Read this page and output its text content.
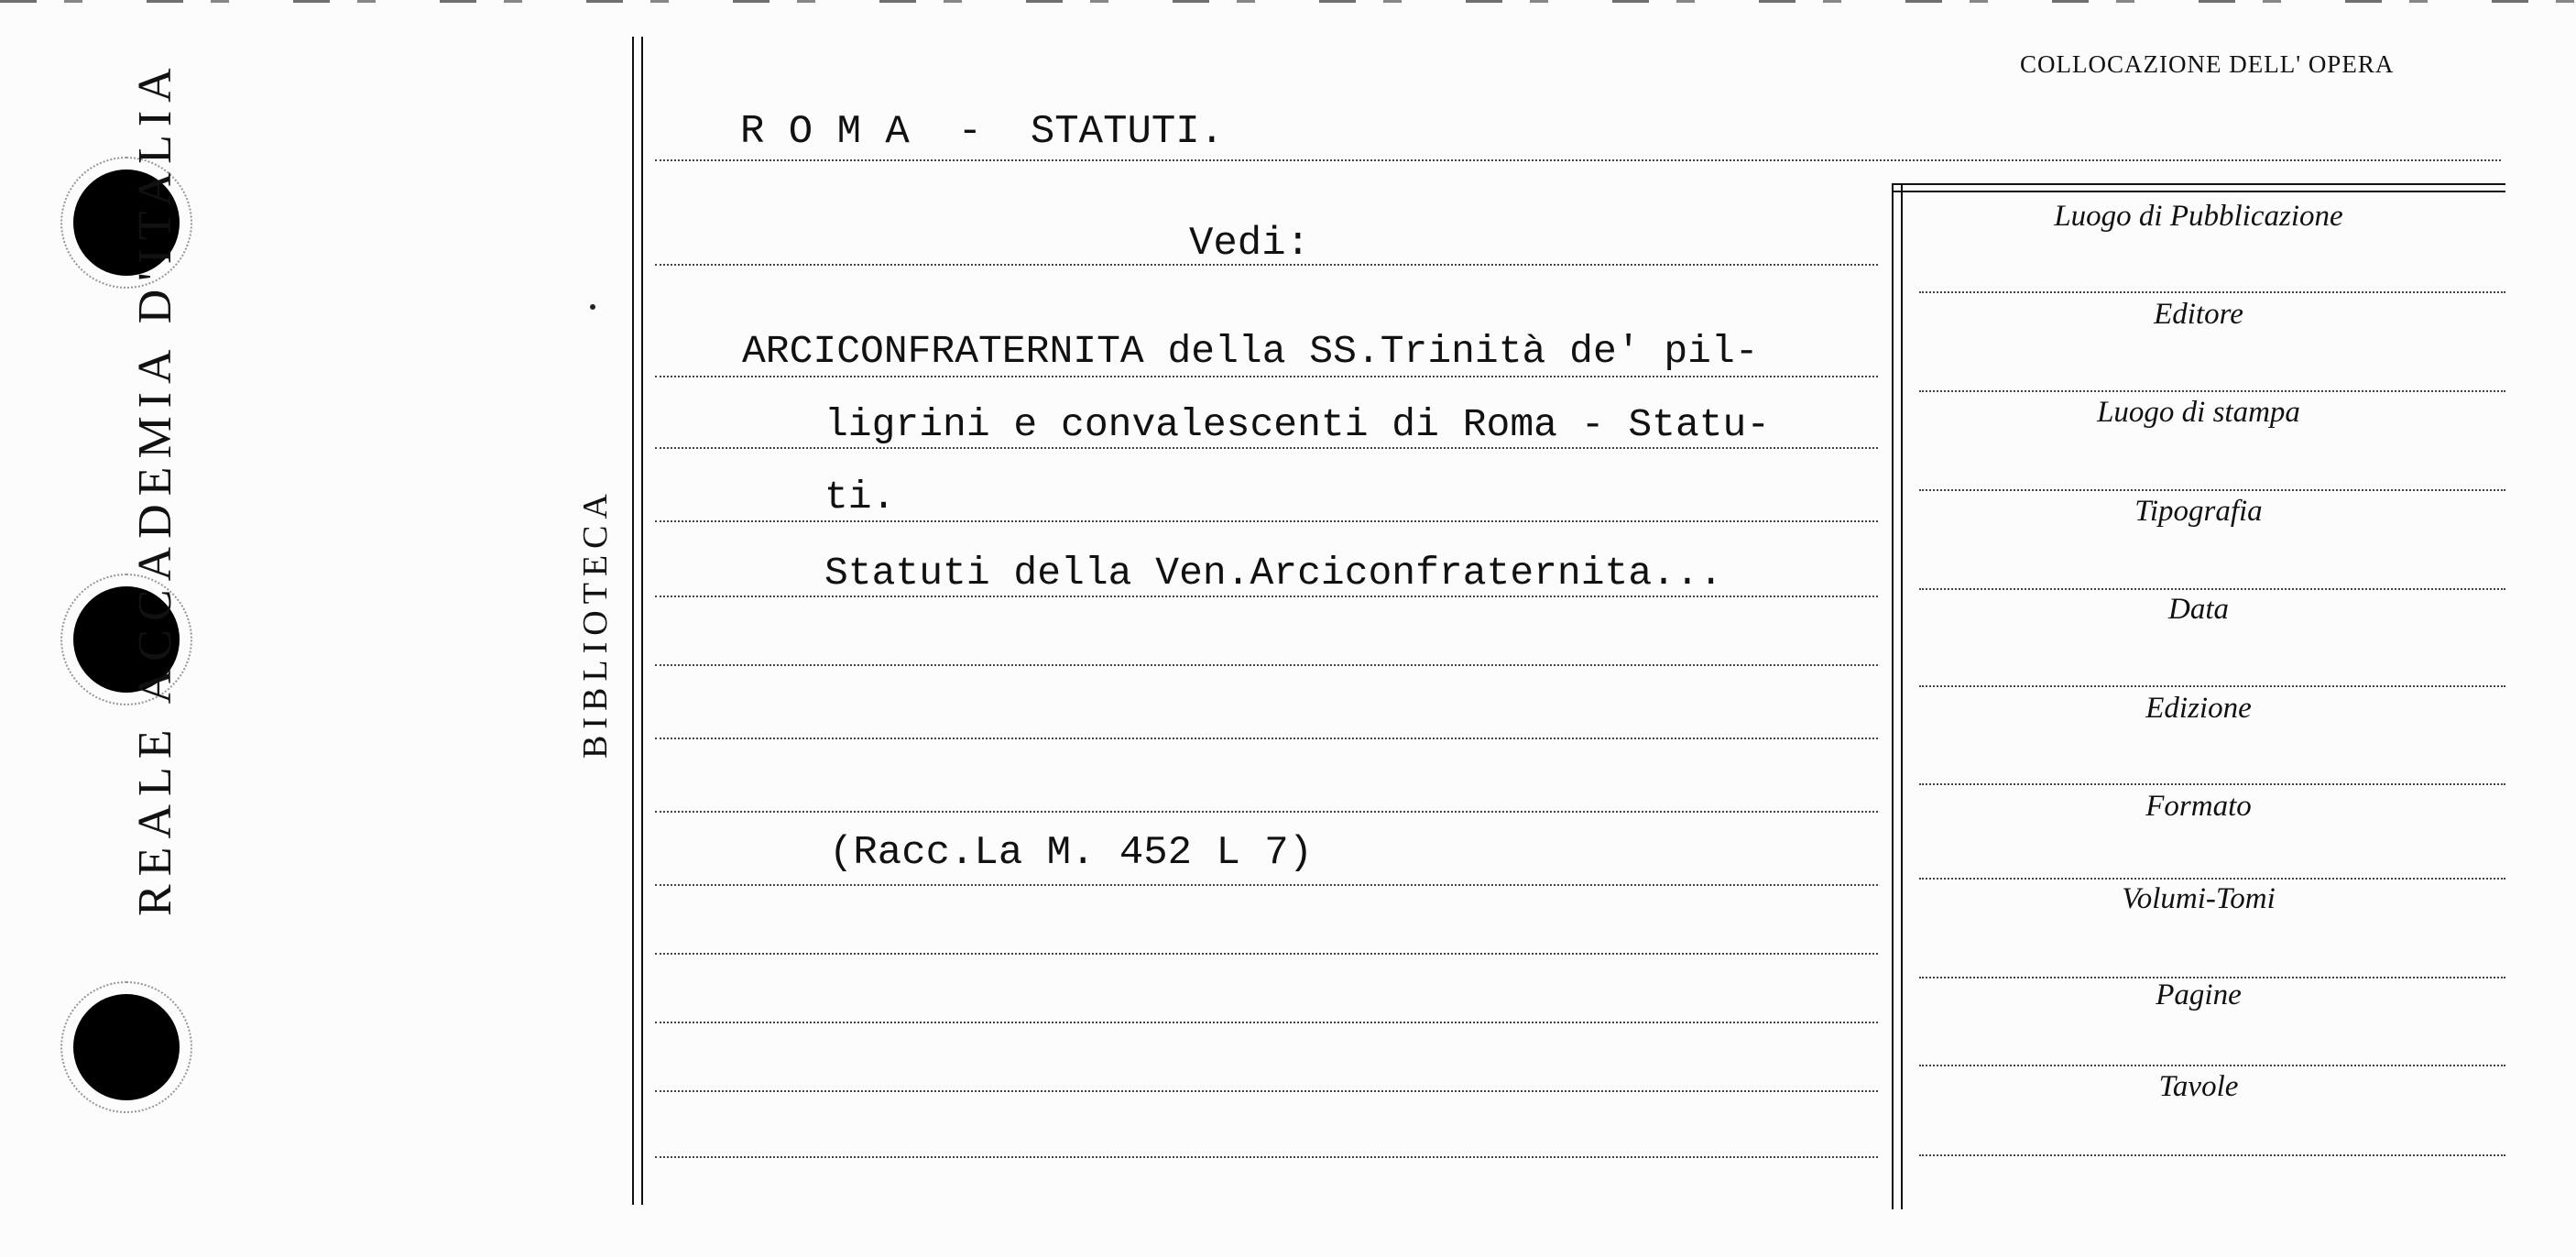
REALE ACCADEMIA D'ITALIA	BIBLIOTECA
COLLOCAZIONE DELL' OPERA
R O M A  -  STATUTI.
Vedi:
ARCICONFRATERNITA della SS.Trinità de' pil-
ligrini e convalescenti di Roma - Statu-
ti.
Statuti della Ven.Arciconfraternita...
(Racc.La M. 452 L 7)
Luogo di Pubblicazione
Editore
Luogo di stampa
Tipografia
Data
Edizione
Formato
Volumi-Tomi
Pagine
Tavole
